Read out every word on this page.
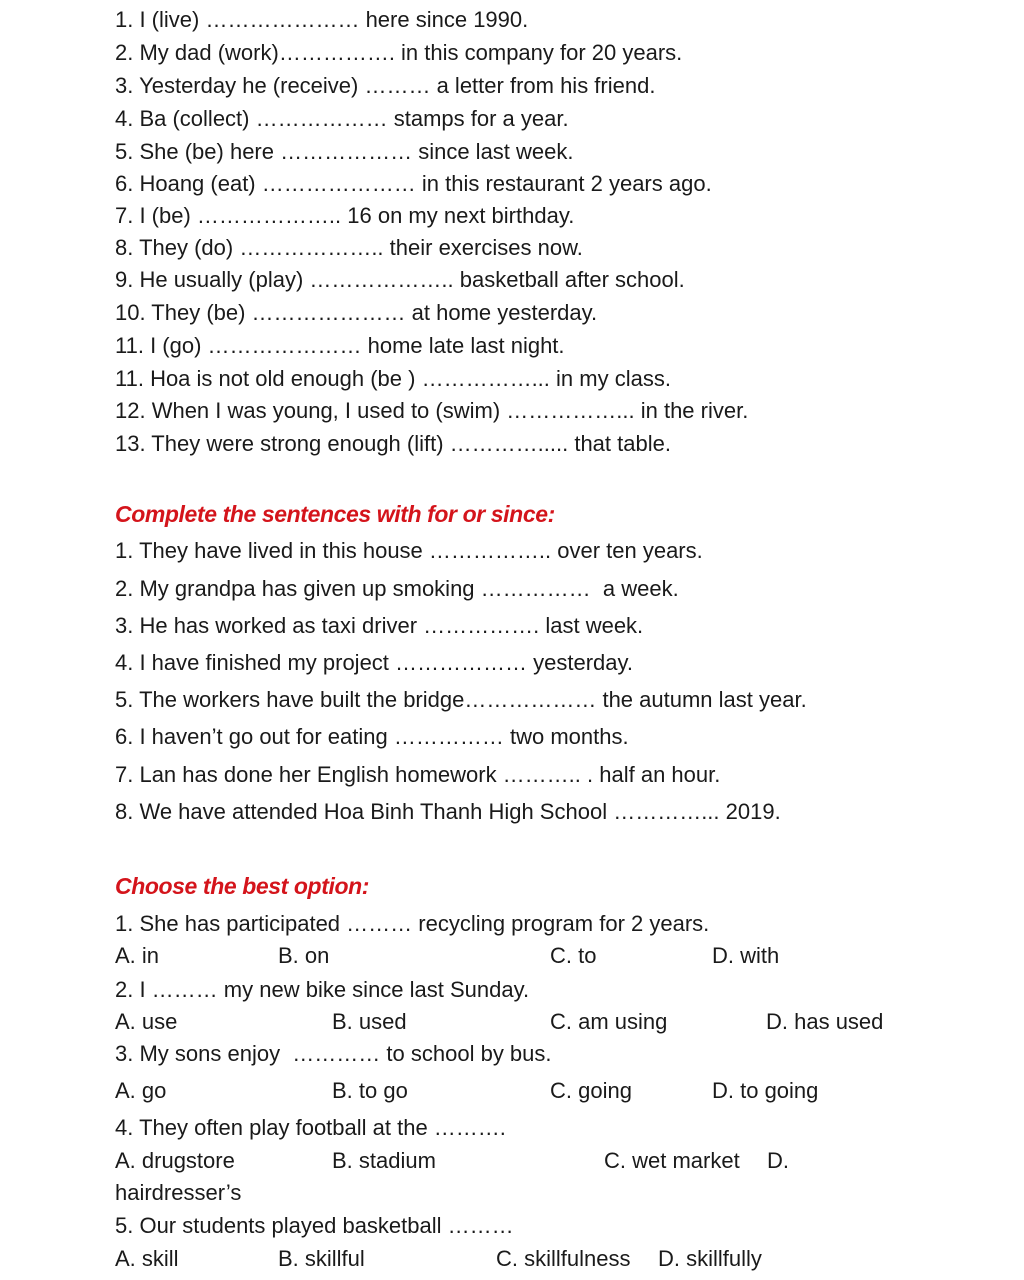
1. I (live) ………………… here since 1990.
2. My dad (work)……………. in this company for 20 years.
3. Yesterday he (receive) ……… a letter from his friend.
4. Ba (collect) ……………… stamps for a year.
5. She (be) here ……………… since last week.
6. Hoang (eat) ………………… in this restaurant 2 years ago.
7. I (be) ……………….. 16 on my next birthday.
8. They (do) ……………….. their exercises now.
9. He usually (play) ……………….. basketball after school.
10. They (be) ………………… at home yesterday.
11. I (go) ………………… home late last night.
11. Hoa is not old enough (be ) ……………... in my class.
12. When I was young, I used to (swim) ……………... in the river.
13. They were strong enough (lift) …………..... that table.
Complete the sentences with for or since:
1. They have lived in this house …………….. over ten years.
2. My grandpa has given up smoking ……………  a week.
3. He has worked as taxi driver ……………. last week.
4. I have finished my project ……………… yesterday.
5. The workers have built the bridge……………… the autumn last year.
6. I haven’t go out for eating …………… two months.
7. Lan has done her English homework ……….. . half an hour.
8. We have attended Hoa Binh Thanh High School …………... 2019.
Choose the best option:
1. She has participated ……… recycling program for 2 years.
A. in	B. on	C. to	D. with
2. I ……… my new bike since last Sunday.
A. use	B. used	C. am using	D. has used
3. My sons enjoy  ………… to school by bus.
A. go	B. to go	C. going	D. to going
4. They often play football at the ……….
A. drugstore	B. stadium	C. wet market D.
hairdresser’s
5. Our students played basketball ………
A. skill	B. skillful	C. skillfulness D. skillfully
